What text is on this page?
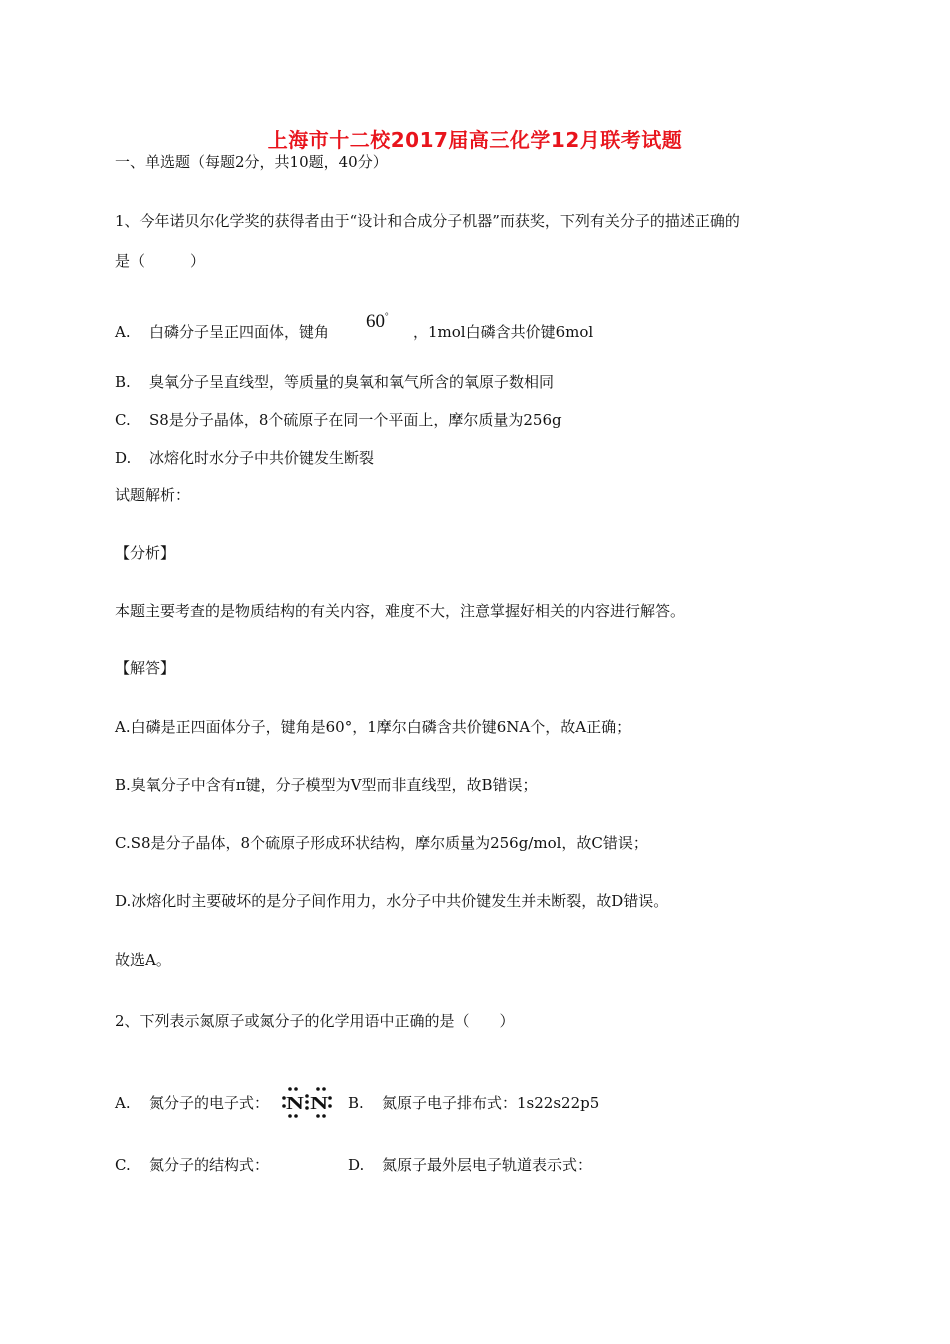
上海市十二校2017届高三化学12月联考试题
一、单选题（每题2分，共10题，40分）
1、今年诺贝尔化学奖的获得者由于“设计和合成分子机器”而获奖，下列有关分子的描述正确的
是（　　　）
A. 白磷分子呈正四面体，键角 60°
，1mol白磷含共价键6mol
B. 臭氧分子呈直线型，等质量的臭氧和氧气所含的氧原子数相同
C. S8是分子晶体，8个硫原子在同一个平面上，摩尔质量为256g
D. 冰熔化时水分子中共价键发生断裂
试题解析：
【分析】
本题主要考查的是物质结构的有关内容，难度不大，注意掌握好相关的内容进行解答。
【解答】
A.白磷是正四面体分子，键角是60°，1摩尔白磷含共价键6NA个，故A正确；
B.臭氧分子中含有π键，分子模型为V型而非直线型，故B错误；
C.S8是分子晶体，8个硫原子形成环状结构，摩尔质量为256g/mol，故C错误；
D.冰熔化时主要破坏的是分子间作用力，水分子中共价键发生并未断裂，故D错误。
故选A。
2、下列表示氮原子或氮分子的化学用语中正确的是（　　）
A. 氮分子的电子式： N N B. 氮原子电子排布式：1s22s22p5
C. 氮分子的结构式：	D. 氮原子最外层电子轨道表示式：
